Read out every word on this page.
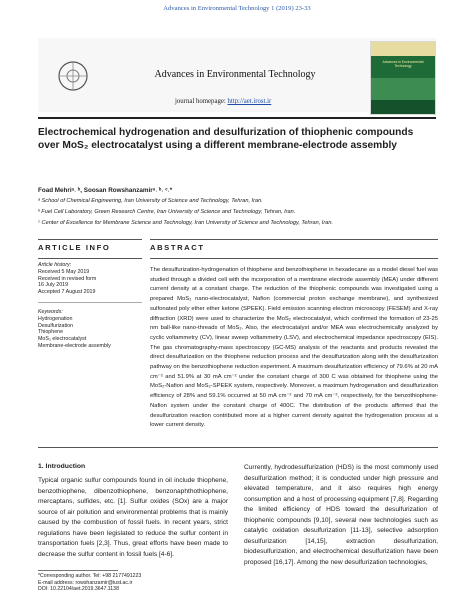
Advances in Environmental Technology 1 (2019) 23-33
Advances in Environmental Technology
journal homepage: http://aet.irost.ir
Advances in Environmental Technology
Electrochemical hydrogenation and desulfurization of thiophenic compounds over MoS₂ electrocatalyst using a different membrane-electrode assembly
Foad Mehriᵃ˒ ᵇ, Soosan Rowshanzamirᵃ˒ ᵇ˒ ᶜ˒*
ᵃ School of Chemical Engineering, Iran University of Science and Technology, Tehran, Iran.
ᵇ Fuel Cell Laboratory, Green Research Centre, Iran University of Science and Technology, Tehran, Iran.
ᶜ Center of Excellence for Membrane Science and Technology, Iran University of Science and Technology, Tehran, Iran.
ARTICLE INFO	ABSTRACT
Article history:
Received 5 May 2019
Received in revised form
16 July 2019
Accepted 7 August 2019
Keywords:
Hydrogenation
Desulfurization
Thiophene
MoS₂ electrocatalyst
Membrane-electrode assembly
The desulfurization-hydrogenation of thiophene and benzothiophene in hexadecane as a model diesel fuel was studied through a divided cell with the incorporation of a membrane electrode assembly (MEA) under different current density at a constant charge. The reduction of the thiophenic compounds was investigated using a prepared MoS₂ nano-electrocatalyst, Nafion (commercial proton exchange membrane), and synthesized sulfonated poly ether ether ketone (SPEEK). Field emission scanning electron microscopy (FESEM) and X-ray diffraction (XRD) were used to characterize the MoS₂ electrocatalyst, which confirmed the formation of 23-25 nm ball-like nano-threads of MoS₂. Also, the electrocatalyst and/or MEA was electrochemically analyzed by cyclic voltammetry (CV), linear sweep voltammetry (LSV), and electrochemical impedance spectroscopy (EIS). The gas chromatography-mass spectroscopy (GC-MS) analysis of the reactants and products revealed the direct desulfurization on the thiophene reduction process and the desulfurization along with the desulfurization pathway on the benzothiophene reduction experiment. A maximum desulfurization efficiency of 79.6% at 20 mA cm⁻² and 51.9% at 30 mA cm⁻² under the constant charge of 300 C was obtained for thiophene using the MoS₂-Nafion and MoS₂-SPEEK system, respectively. Moreover, a maximum hydrogenation and desulfurization efficiency of 28% and 59.1% occurred at 50 mA cm⁻² and 70 mA cm⁻², respectively, for the benzothiophene-Nafion system under the constant charge of 400C. The distribution of the products affirmed that the desulfurization reaction contributed more at a higher current density against the hydrogenation process at a lower current density.
1. Introduction
Typical organic sulfur compounds found in oil include thiophene, benzothiophene, dibenzothiophene, benzonaphthothiophene, mercaptans, sulfides, etc. [1]. Sulfur oxides (SOx) are a major source of air pollution and environmental problems that is mainly caused by the combustion of fossil fuels. In recent years, strict regulations have been legislated to reduce the sulfur content in transportation fuels [2,3]. Thus, great efforts have been made to decrease the sulfur content in fossil fuels [4-6].
Currently, hydrodesulfurization (HDS) is the most commonly used desulfurization method; it is conducted under high pressure and elevated temperature, and it also requires high energy consumption and a host of processing equipment [7,8]. Regarding the limited efficiency of HDS toward the desulfurization of thiophenic compounds [9,10], several new technologies such as catalytic oxidation desulfurization [11-13], selective adsorption desulfurization [14,15], extraction desulfurization, biodesulfurization, and electrochemical desulfurization have been proposed [16,17]. Among the new desulfurization technologies,
*Corresponding author. Tel: +98 2177491223
E-mail address: rowshanzamir@iust.ac.ir
DOI: 10.22104/aet.2019.3647.1138
